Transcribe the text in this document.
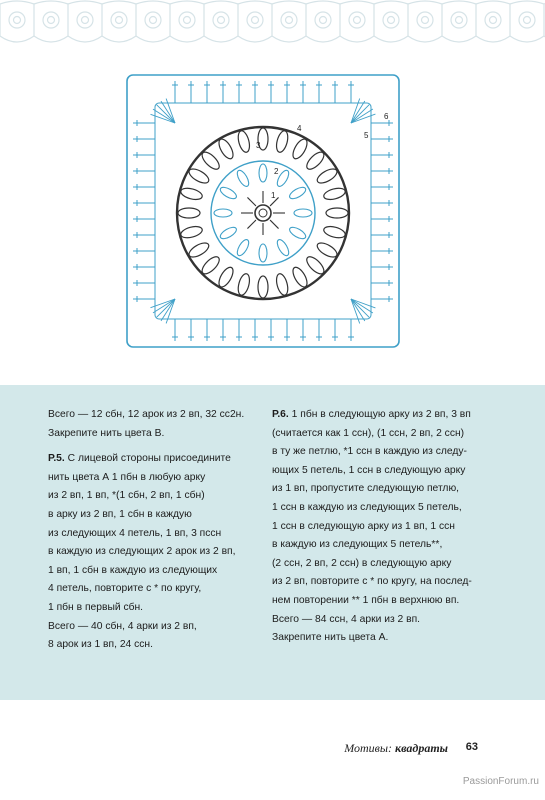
1
2
3
4
5
6

Всего — 12 сбн, 12 арок из 2 вп, 32 сс2н.
Закрепите нить цвета В.

Р.5. С лицевой стороны присоедините
нить цвета А 1 пбн в любую арку
из 2 вп, 1 вп, *(1 сбн, 2 вп, 1 сбн)
в арку из 2 вп, 1 сбн в каждую
из следующих 4 петель, 1 вп, 3 пссн
в каждую из следующих 2 арок из 2 вп,
1 вп, 1 сбн в каждую из следующих
4 петель, повторите с * по кругу,
1 пбн в первый сбн.
Всего — 40 сбн, 4 арки из 2 вп,
8 арок из 1 вп, 24 ссн.

Р.6. 1 пбн в следующую арку из 2 вп, 3 вп
(считается как 1 ссн), (1 ссн, 2 вп, 2 ссн)
в ту же петлю, *1 ссн в каждую из следу-
ющих 5 петель, 1 ссн в следующую арку
из 1 вп, пропустите следующую петлю,
1 ссн в каждую из следующих 5 петель,
1 ссн в следующую арку из 1 вп, 1 ссн
в каждую из следующих 5 петель**,
(2 ссн, 2 вп, 2 ссн) в следующую арку
из 2 вп, повторите с * по кругу, на послед-
нем повторении ** 1 пбн в верхнюю вп.
Всего — 84 ссн, 4 арки из 2 вп.
Закрепите нить цвета А.

Мотивы: квадраты 63
PassionForum.ru
